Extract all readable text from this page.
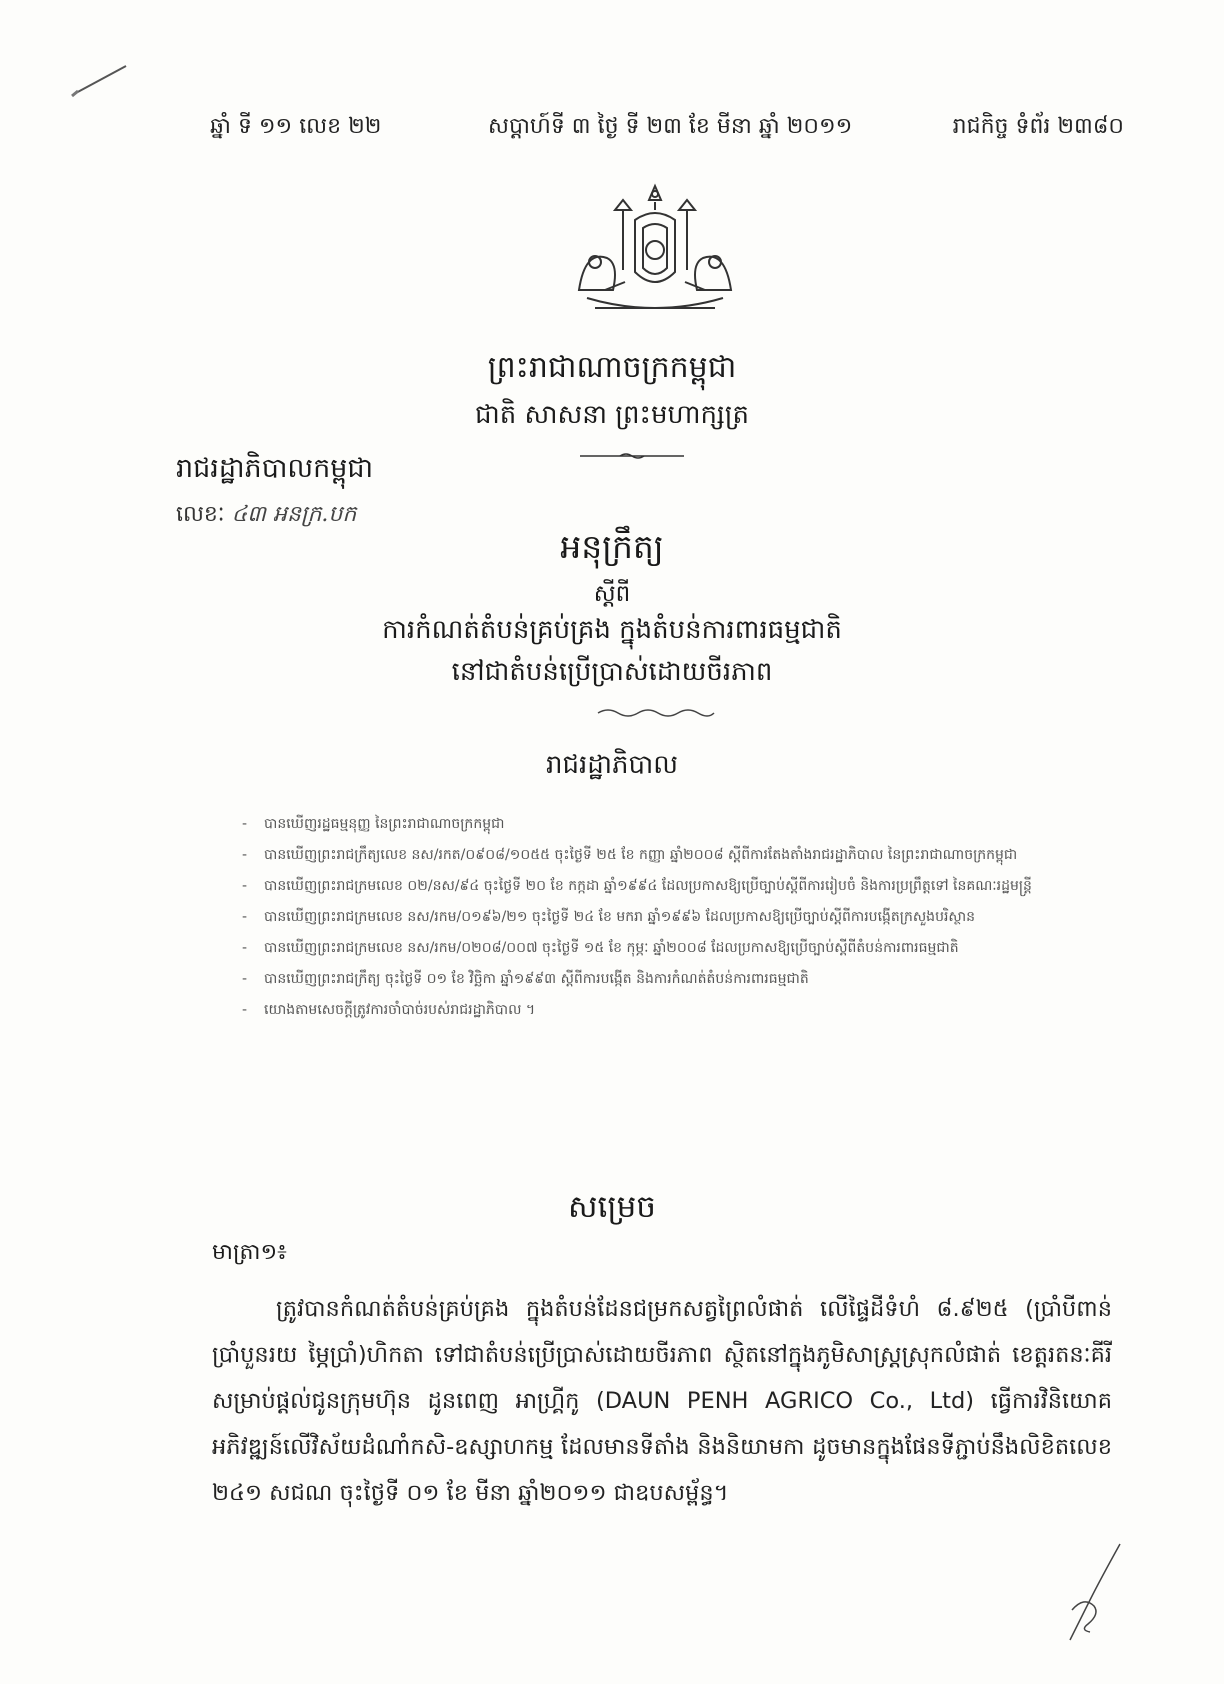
ឆ្នាំ ទី ១១ លេខ ២២	សប្តាហ៍ទី ៣ ថ្ងៃ ទី ២៣ ខែ មីនា ឆ្នាំ ២០១១	រាជកិច្ច ទំព័រ ២៣៨០
ព្រះរាជាណាចក្រកម្ពុជា
ជាតិ សាសនា ព្រះមហាក្សត្រ
រាជរដ្ឋាភិបាលកម្ពុជា
លេខៈ ៤៣ អនក្រ.បក
អនុក្រឹត្យ
ស្តីពី
ការកំណត់តំបន់គ្រប់គ្រង ក្នុងតំបន់ការពារធម្មជាតិ
នៅជាតំបន់ប្រើប្រាស់ដោយចីរភាព
រាជរដ្ឋាភិបាល
- បានឃើញរដ្ឋធម្មនុញ្ញ នៃព្រះរាជាណាចក្រកម្ពុជា
- បានឃើញព្រះរាជក្រឹត្យលេខ នស/រកត/០៩០៨/១០៥៥ ចុះថ្ងៃទី ២៥ ខែ កញ្ញា ឆ្នាំ២០០៨ ស្តីពីការតែងតាំងរាជរដ្ឋាភិបាល នៃព្រះរាជាណាចក្រកម្ពុជា
- បានឃើញព្រះរាជក្រមលេខ ០២/នស/៩៤ ចុះថ្ងៃទី ២០ ខែ កក្កដា ឆ្នាំ១៩៩៤ ដែលប្រកាសឱ្យប្រើច្បាប់ស្តីពីការរៀបចំ និងការប្រព្រឹត្តទៅ នៃគណៈរដ្ឋមន្ត្រី
- បានឃើញព្រះរាជក្រមលេខ នស/រកម/០១៩៦/២១ ចុះថ្ងៃទី ២៤ ខែ មករា ឆ្នាំ១៩៩៦ ដែលប្រកាសឱ្យប្រើច្បាប់ស្តីពីការបង្កើតក្រសួងបរិស្ថាន
- បានឃើញព្រះរាជក្រមលេខ នស/រកម/០២០៨/០០៧ ចុះថ្ងៃទី ១៥ ខែ កុម្ភៈ ឆ្នាំ២០០៨ ដែលប្រកាសឱ្យប្រើច្បាប់ស្តីពីតំបន់ការពារធម្មជាតិ
- បានឃើញព្រះរាជក្រឹត្យ ចុះថ្ងៃទី ០១ ខែ វិច្ឆិកា ឆ្នាំ១៩៩៣ ស្តីពីការបង្កើត និងការកំណត់តំបន់ការពារធម្មជាតិ
- យោងតាមសេចក្តីត្រូវការចាំបាច់របស់រាជរដ្ឋាភិបាល ។
សម្រេច
មាត្រា១៖
ត្រូវបានកំណត់តំបន់គ្រប់គ្រង ក្នុងតំបន់ដែនជម្រកសត្វព្រៃលំផាត់ លើផ្ទៃដីទំហំ ៨.៩២៥ (ប្រាំបីពាន់ ប្រាំបួនរយ ម្ភៃប្រាំ)ហិកតា ទៅជាតំបន់ប្រើប្រាស់ដោយចីរភាព ស្ថិតនៅក្នុងភូមិសាស្ត្រស្រុកលំផាត់ ខេត្តរតនៈគីរី សម្រាប់ផ្តល់ជូនក្រុមហ៊ុន ដូនពេញ អាហ្គ្រីកូ (DAUN PENH AGRICO Co., Ltd) ធ្វើការវិនិយោគអភិវឌ្ឍន៍លើវិស័យដំណាំកសិ-ឧស្សាហកម្ម ដែលមានទីតាំង និងនិយាមកា ដូចមានក្នុងផែនទីភ្ជាប់នឹងលិខិតលេខ ២៤១ សជណ ចុះថ្ងៃទី ០១ ខែ មីនា ឆ្នាំ២០១១ ជាឧបសម្ព័ន្ធ។
